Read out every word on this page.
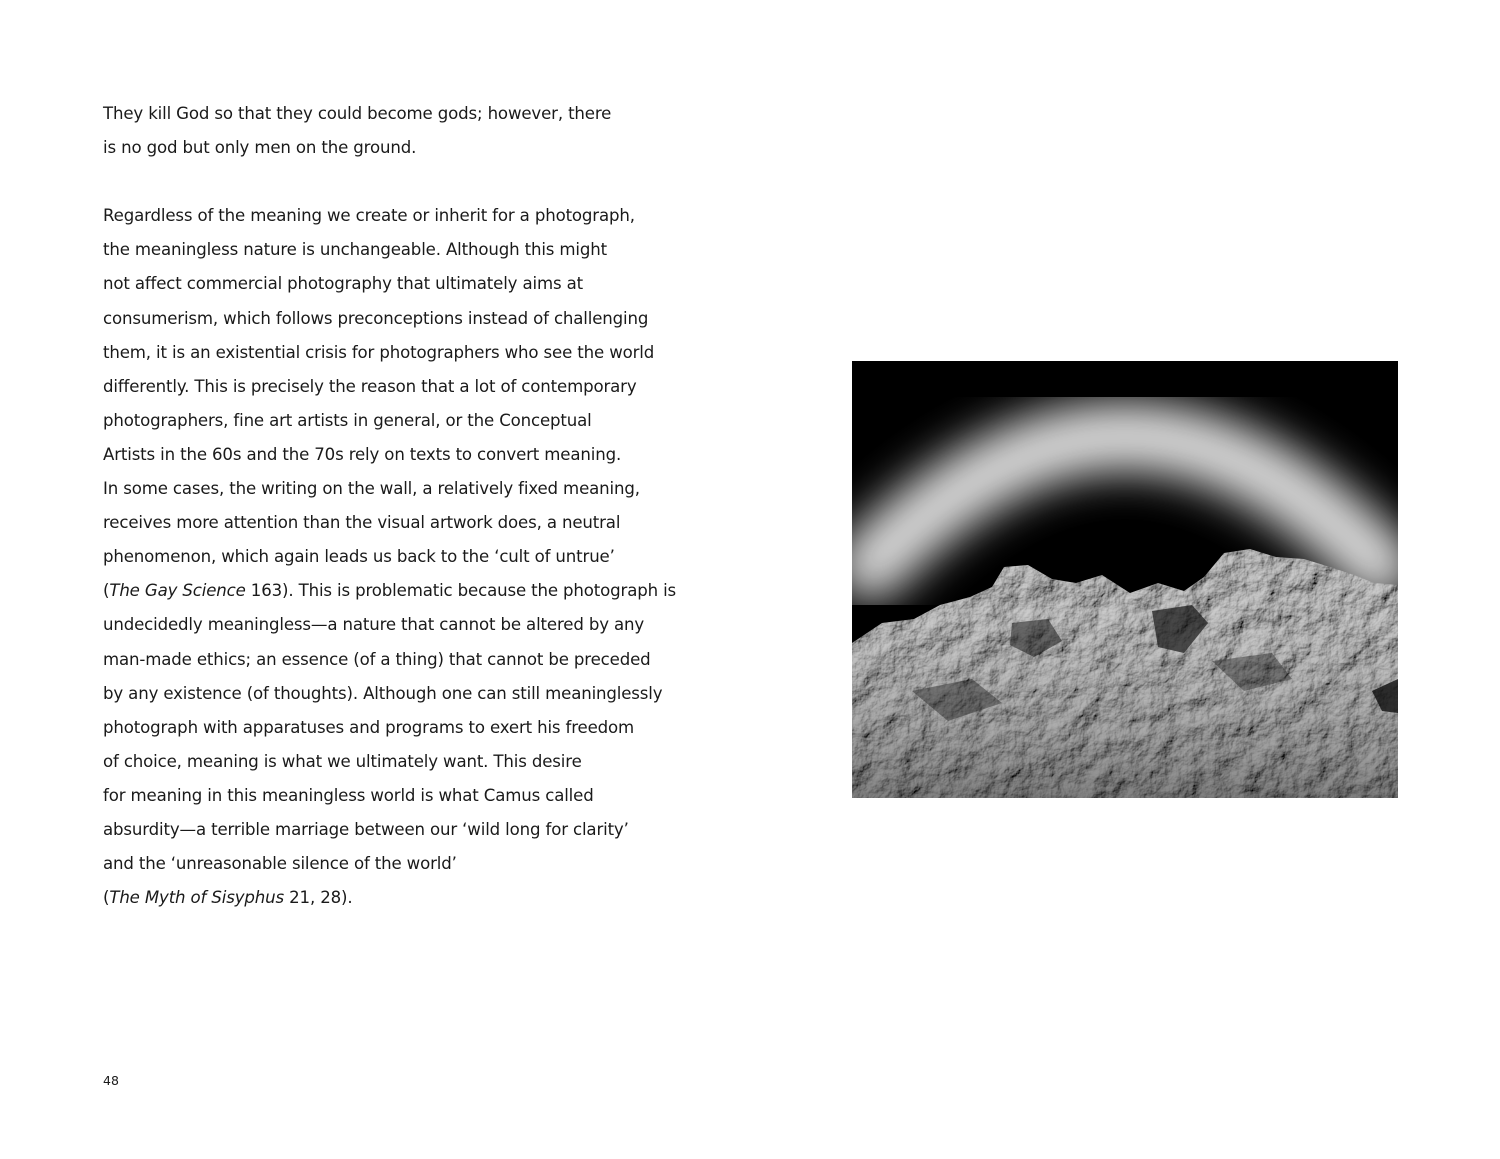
They kill God so that they could become gods; however, there
is no god but only men on the ground.
Regardless of the meaning we create or inherit for a photograph,
the meaningless nature is unchangeable. Although this might
not affect commercial photography that ultimately aims at
consumerism, which follows preconceptions instead of challenging
them, it is an existential crisis for photographers who see the world
differently. This is precisely the reason that a lot of contemporary
photographers, fine art artists in general, or the Conceptual
Artists in the 60s and the 70s rely on texts to convert meaning.
In some cases, the writing on the wall, a relatively fixed meaning,
receives more attention than the visual artwork does, a neutral
phenomenon, which again leads us back to the ‘cult of untrue’
(The Gay Science 163). This is problematic because the photograph is
undecidedly meaningless—a nature that cannot be altered by any
man-made ethics; an essence (of a thing) that cannot be preceded
by any existence (of thoughts). Although one can still meaninglessly
photograph with apparatuses and programs to exert his freedom
of choice, meaning is what we ultimately want. This desire
for meaning in this meaningless world is what Camus called
absurdity—a terrible marriage between our ‘wild long for clarity’
and the ‘unreasonable silence of the world’
(The Myth of Sisyphus 21, 28).
48
